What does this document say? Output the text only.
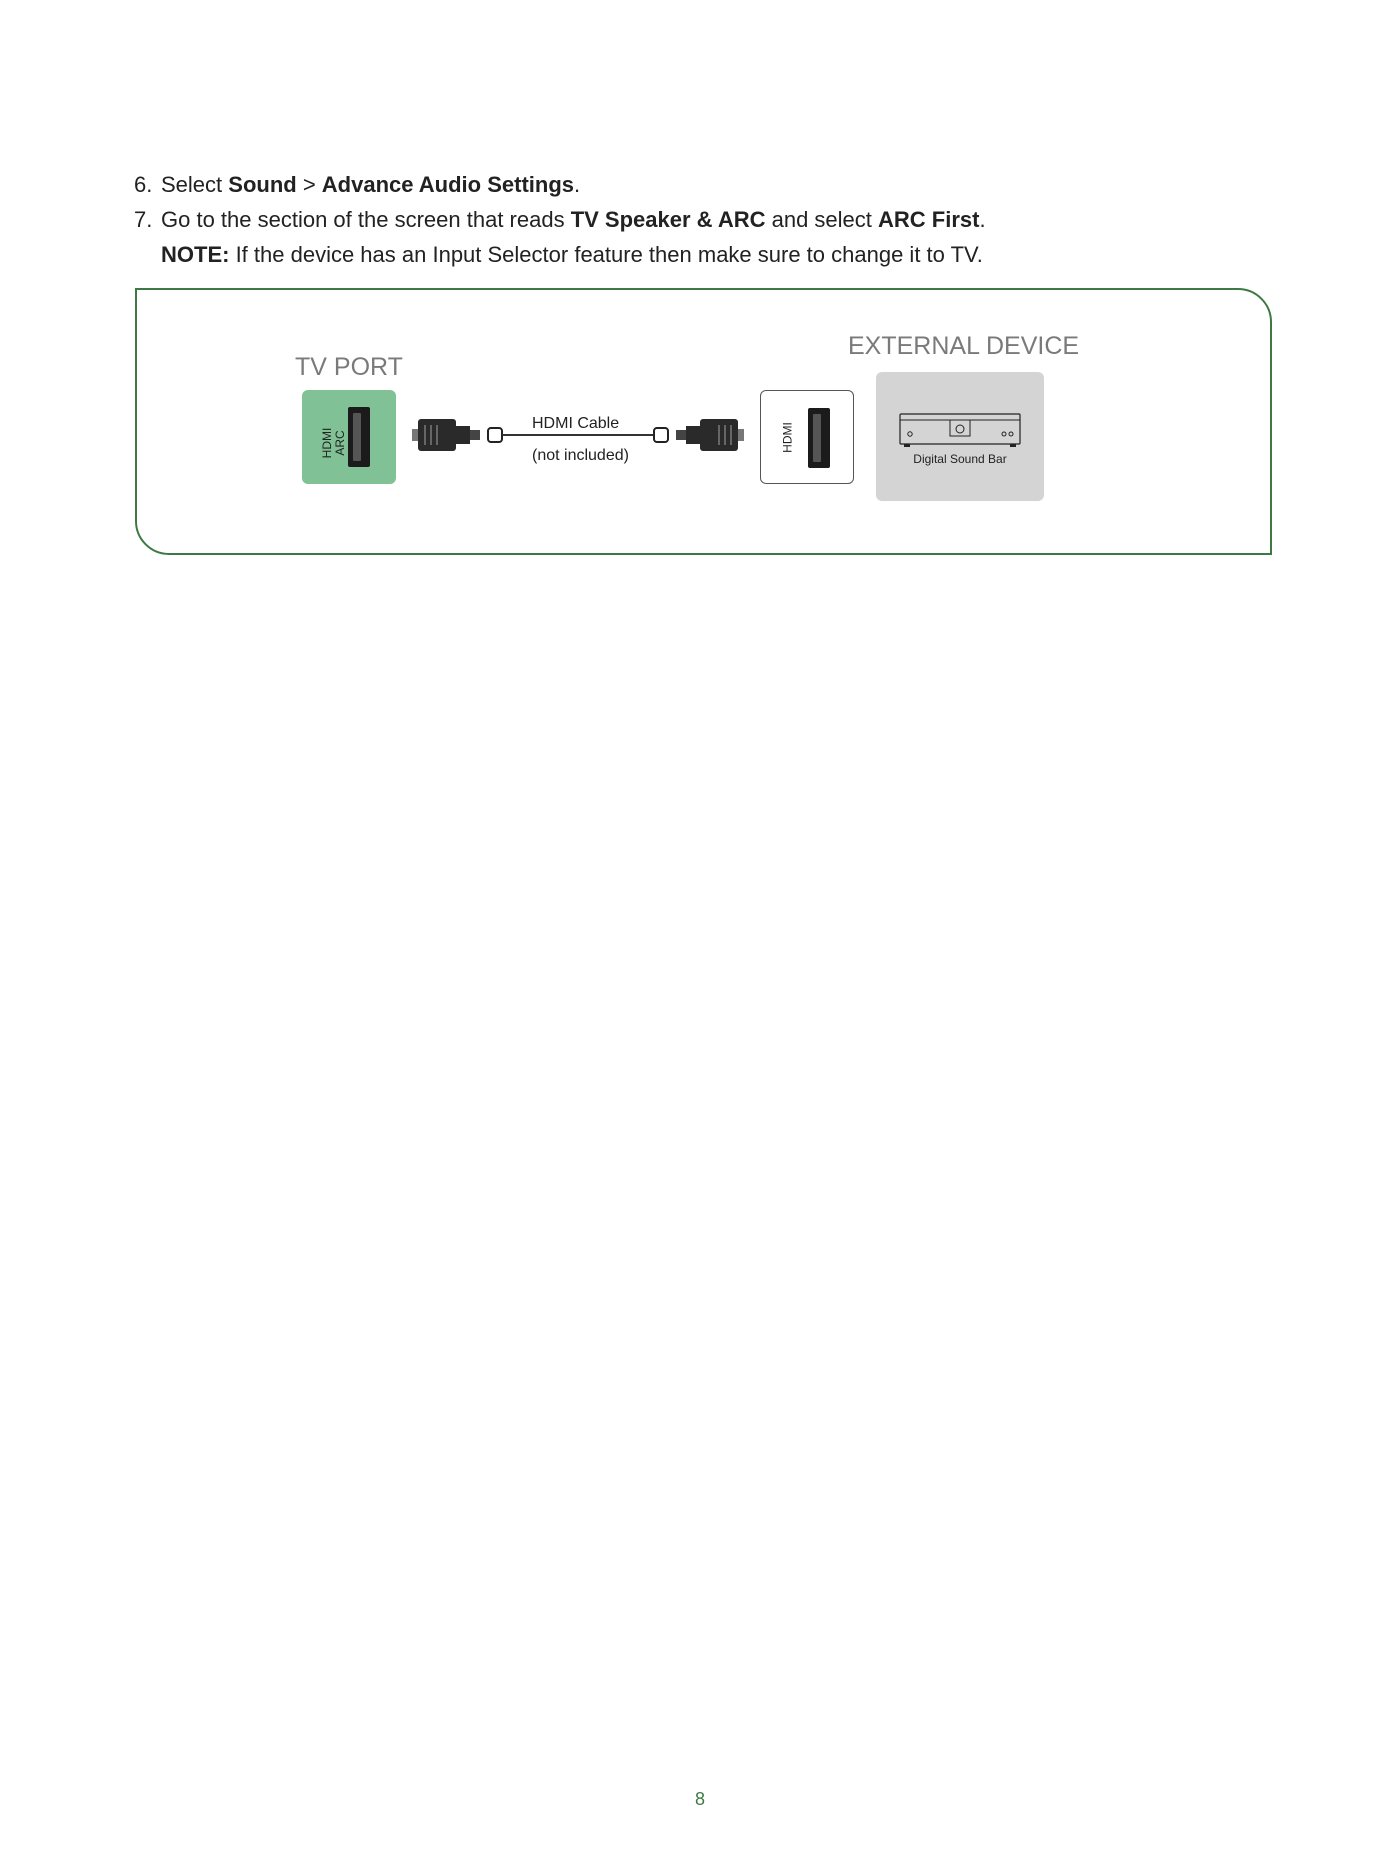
6. Select Sound > Advance Audio Settings.
7. Go to the section of the screen that reads TV Speaker & ARC and select ARC First.
NOTE: If the device has an Input Selector feature then make sure to change it to TV.
TV PORT
EXTERNAL DEVICE
HDMI
ARC
HDMI Cable
(not included)
HDMI
Digital Sound Bar
8
